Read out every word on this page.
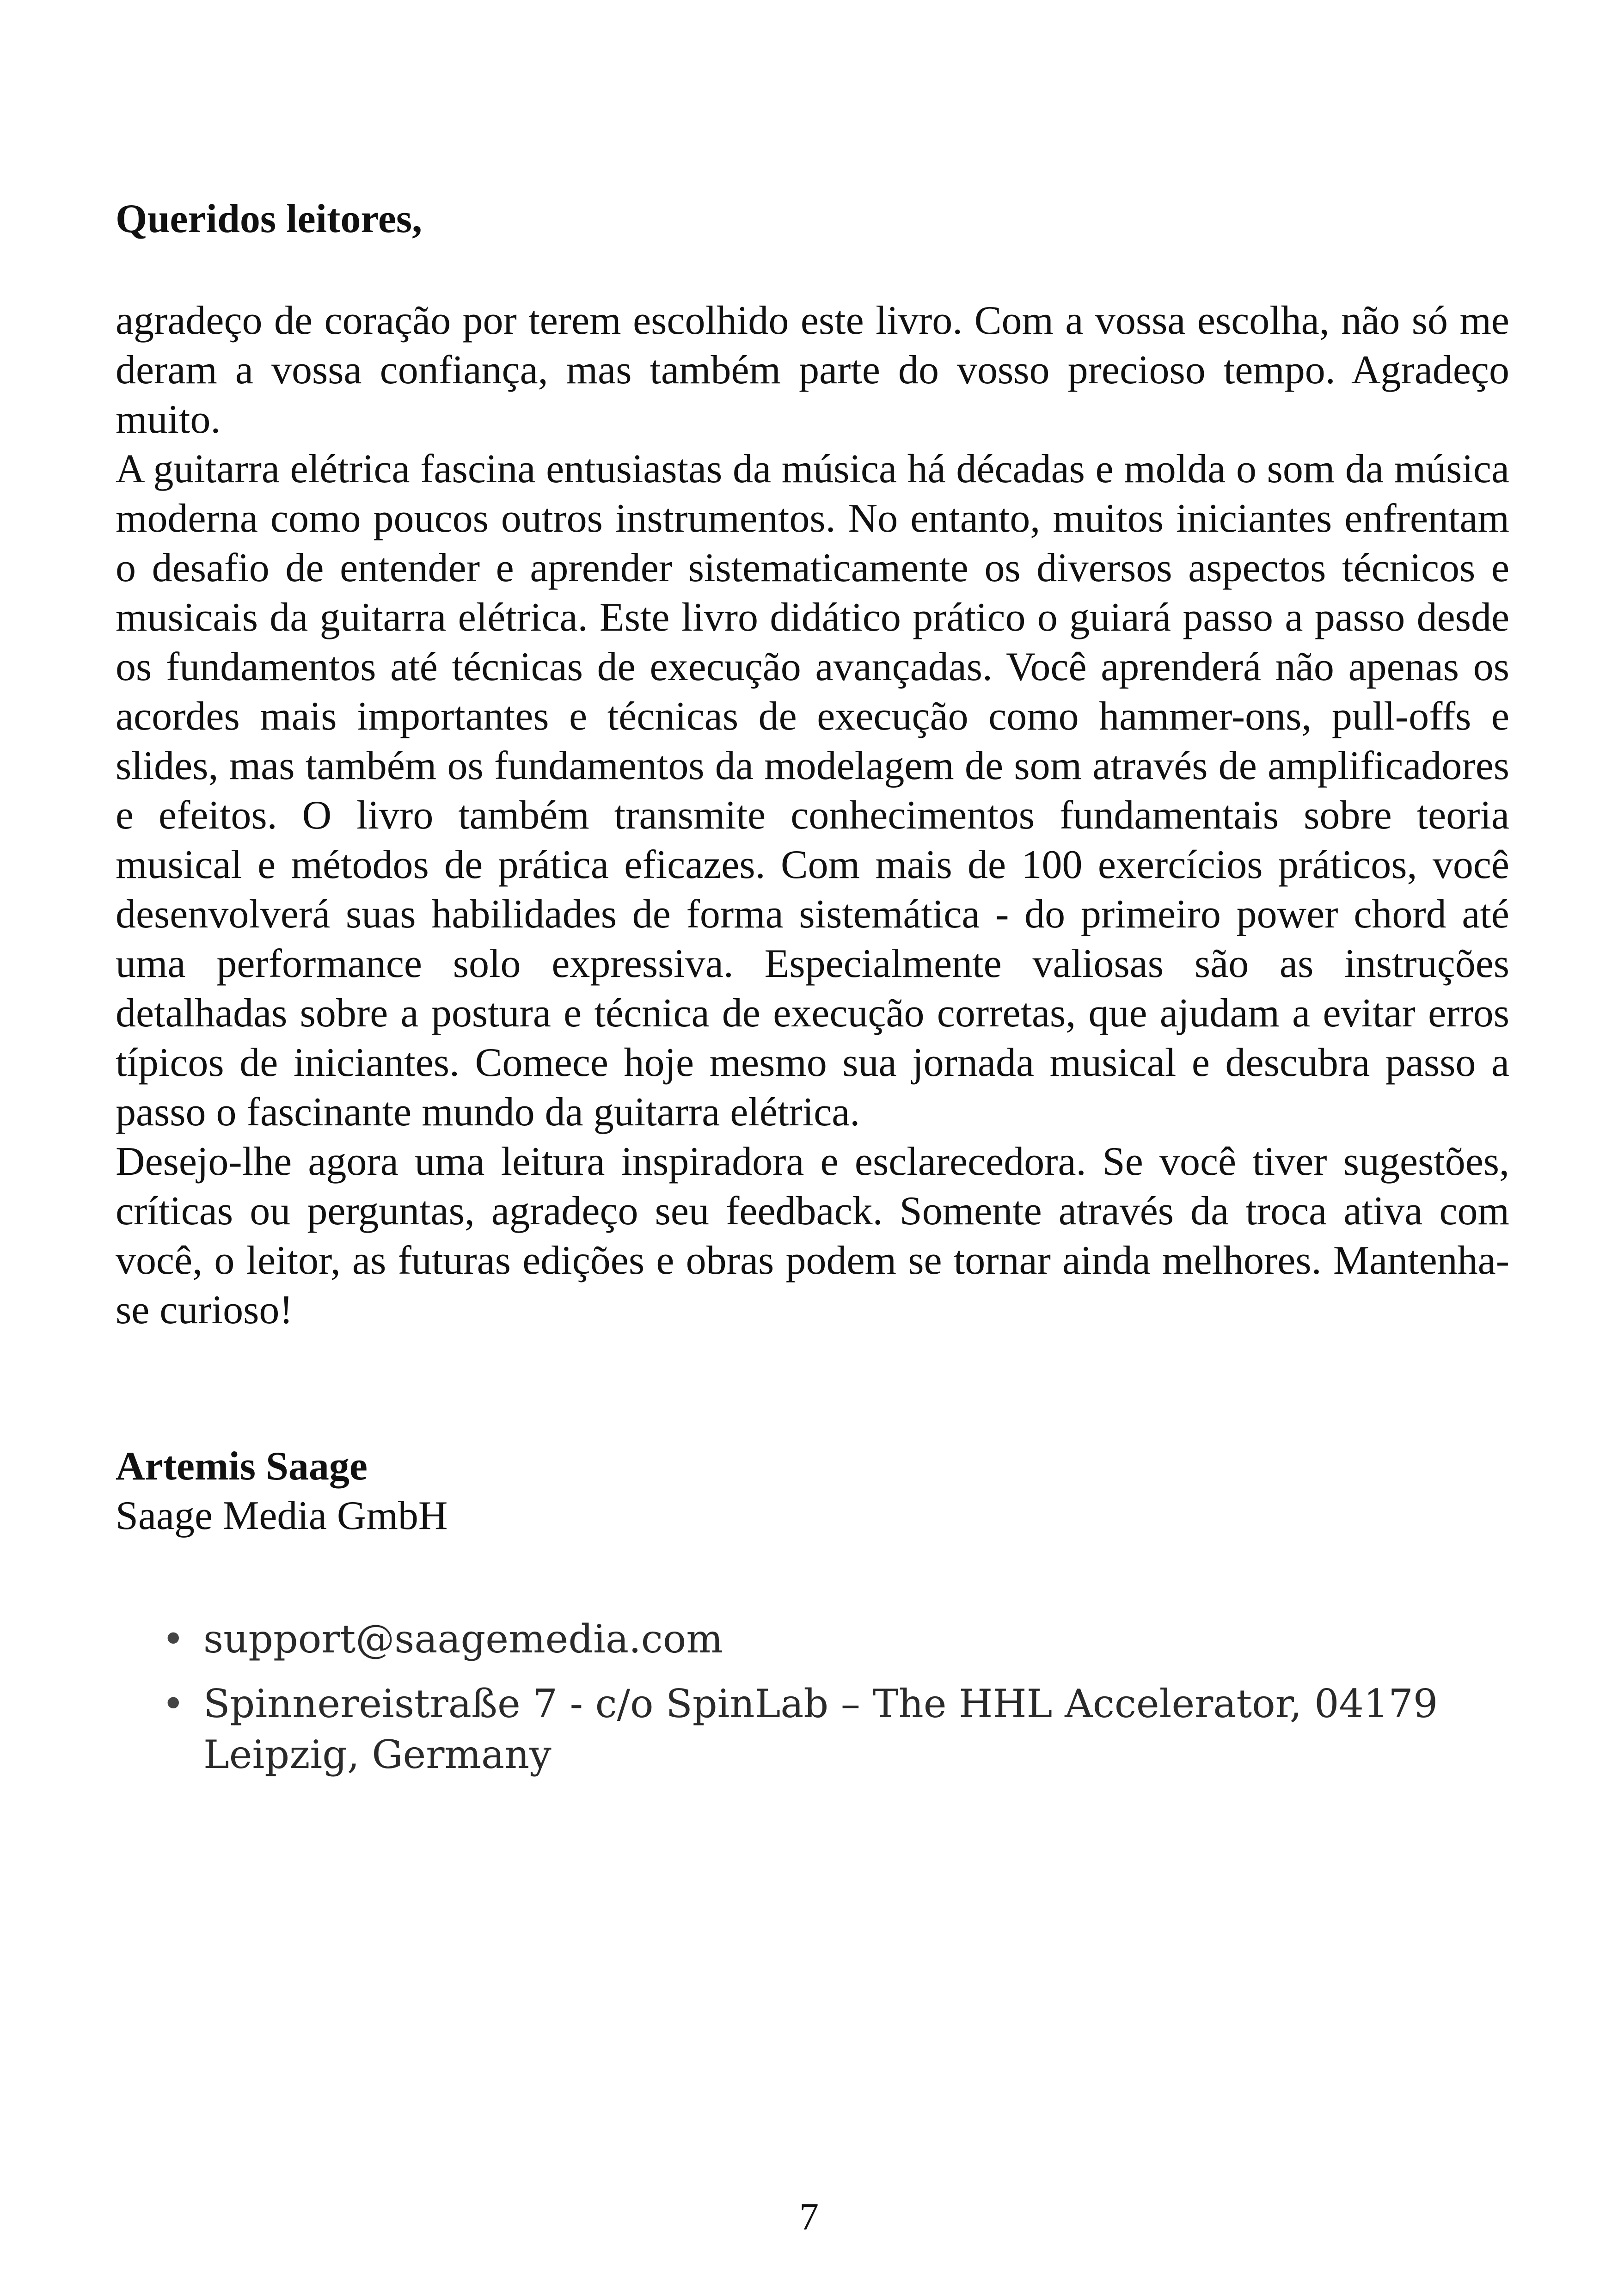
Queridos leitores,

agradeço de coração por terem escolhido este livro. Com a vossa escolha, não só me deram a vossa confiança, mas também parte do vosso precioso tempo. Agradeço muito.

A guitarra elétrica fascina entusiastas da música há décadas e molda o som da música moderna como poucos outros instrumentos. No entanto, muitos iniciantes enfrentam o desafio de entender e aprender sistematicamente os diversos aspectos técnicos e musicais da guitarra elétrica. Este livro didático prático o guiará passo a passo desde os fundamentos até técnicas de execução avançadas. Você aprenderá não apenas os acordes mais importantes e técnicas de execução como hammer-ons, pull-offs e slides, mas também os fundamentos da modelagem de som através de amplificadores e efeitos. O livro também transmite conhecimentos fundamentais sobre teoria musical e métodos de prática eficazes. Com mais de 100 exercícios práticos, você desenvolverá suas habilidades de forma sistemática - do primeiro power chord até uma performance solo expressiva. Especialmente valiosas são as instruções detalhadas sobre a postura e técnica de execução corretas, que ajudam a evitar erros típicos de iniciantes. Comece hoje mesmo sua jornada musical e descubra passo a passo o fascinante mundo da guitarra elétrica.

Desejo-lhe agora uma leitura inspiradora e esclarecedora. Se você tiver sugestões, críticas ou perguntas, agradeço seu feedback. Somente através da troca ativa com você, o leitor, as futuras edições e obras podem se tornar ainda melhores. Mantenha-se curioso!

Artemis Saage
Saage Media GmbH
• support@saagemedia.com
• Spinnereistraße 7 - c/o SpinLab – The HHL Accelerator, 04179 Leipzig, Germany
7
